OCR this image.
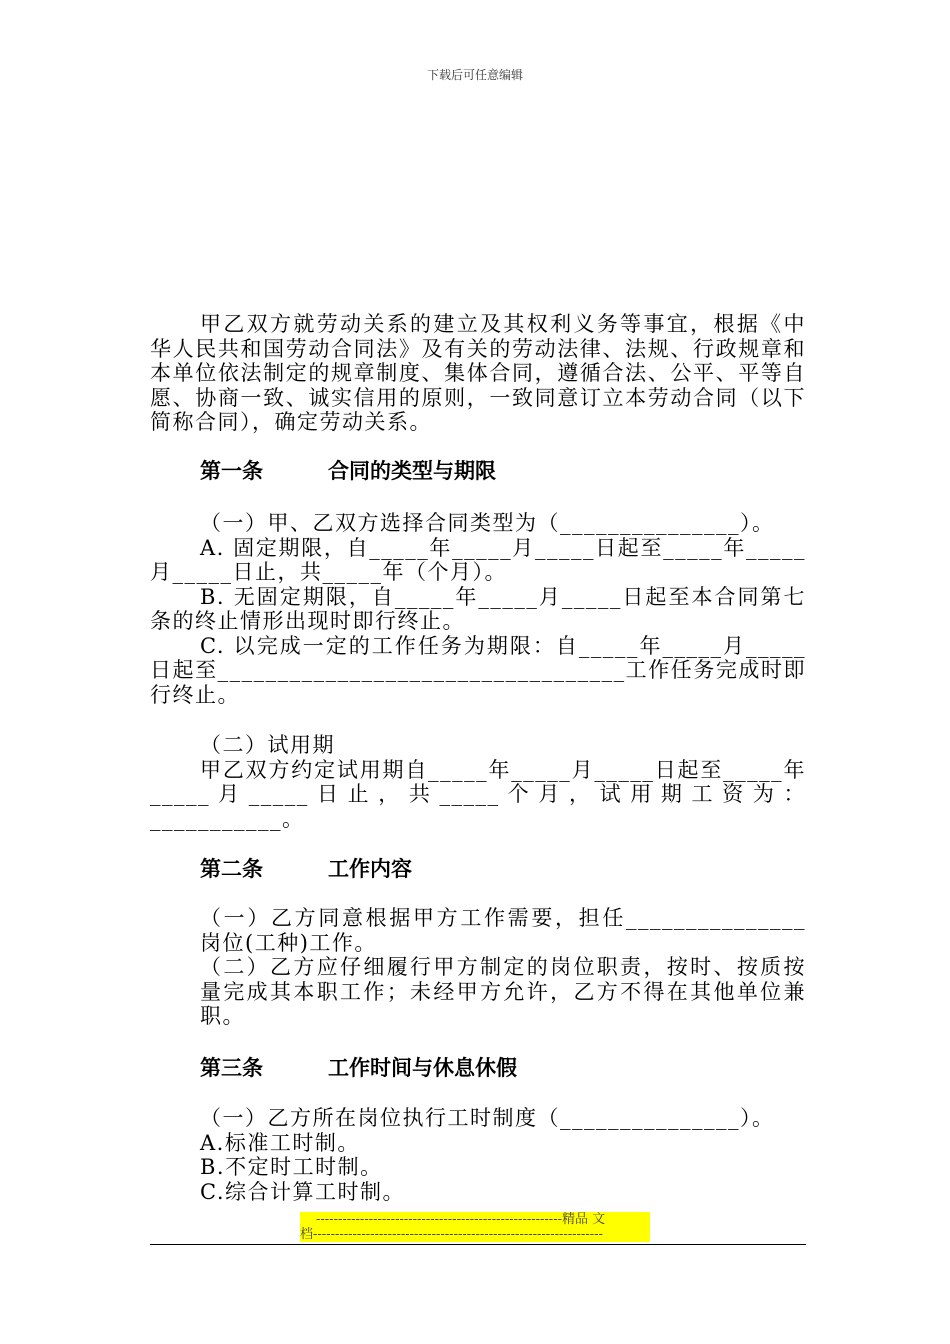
下载后可任意编辑

甲乙双方就劳动关系的建立及其权利义务等事宜，根据《中华人民共和国劳动合同法》及有关的劳动法律、法规、行政规章和本单位依法制定的规章制度、集体合同，遵循合法、公平、平等自愿、协商一致、诚实信用的原则，一致同意订立本劳动合同（以下简称合同），确定劳动关系。

第一条	合同的类型与期限

（一）甲、乙双方选择合同类型为（_______________）。

A. 固定期限，自_____年_____月_____日起至_____年_____月_____日止，共_____年（个月）。

B. 无固定期限，自_____年_____月_____日起至本合同第七条的终止情形出现时即行终止。

C. 以完成一定的工作任务为期限：自_____年_____月_____日起至__________________________________工作任务完成时即行终止。

（二）试用期

甲乙双方约定试用期自_____年_____月_____日起至_____年_____月_____日止，共_____个月，试用期工资为：___________。

第二条	工作内容

（一）乙方同意根据甲方工作需要，担任_______________岗位(工种)工作。

（二）乙方应仔细履行甲方制定的岗位职责，按时、按质按量完成其本职工作；未经甲方允许，乙方不得在其他单位兼职。

第三条	工作时间与休息休假

（一）乙方所在岗位执行工时制度（_______________）。

A.标准工时制。

B.不定时工时制。

C.综合计算工时制。

--------------------------------------------------------精品 文
档------------------------------------------------------------------
